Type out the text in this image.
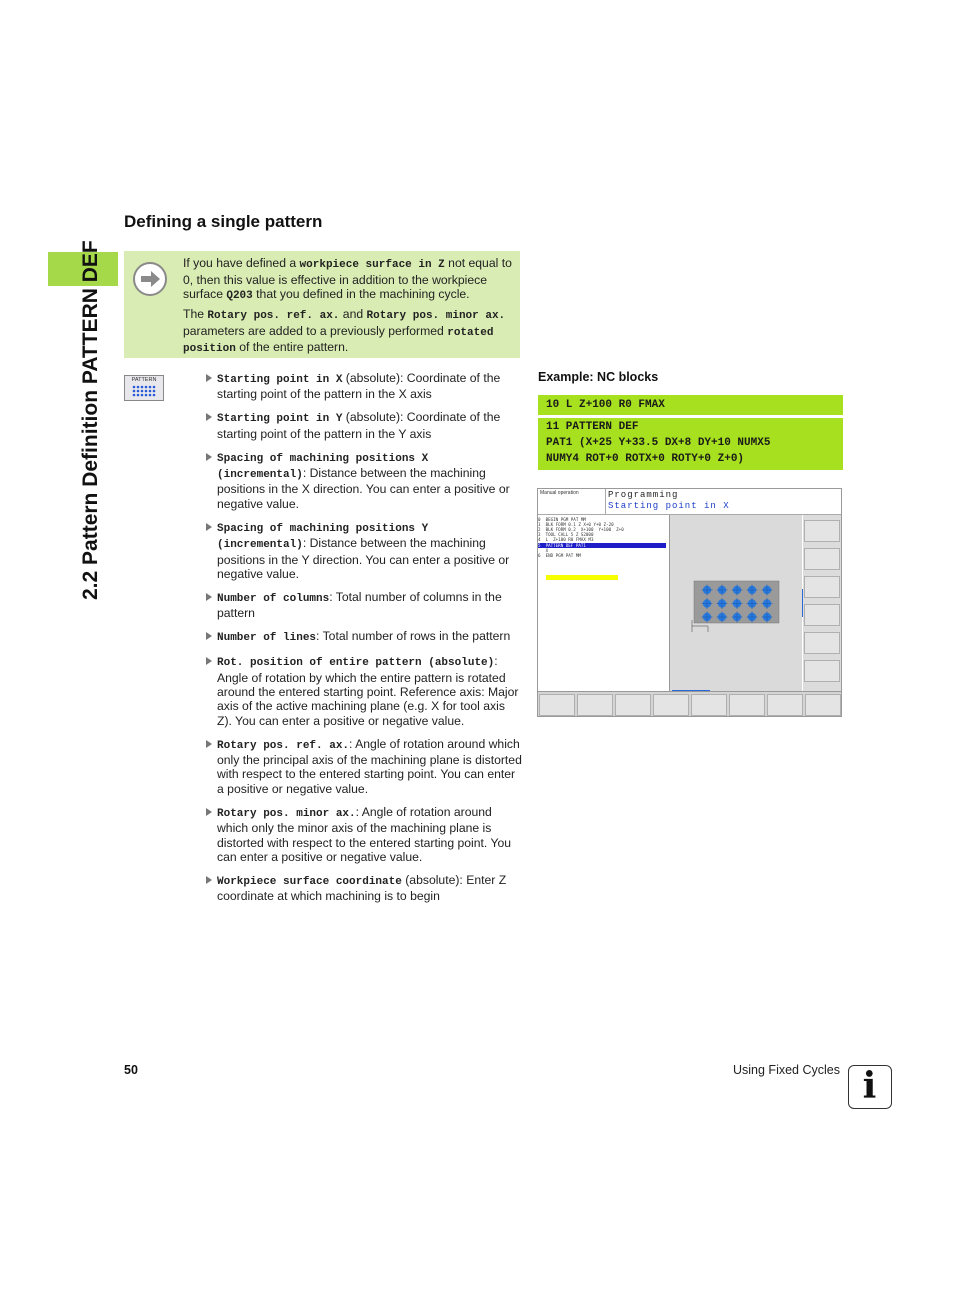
2.2 Pattern Definition PATTERN DEF
Defining a single pattern
If you have defined a workpiece surface in Z not equal to 0, then this value is effective in addition to the workpiece surface Q203 that you defined in the machining cycle.
The Rotary pos. ref. ax. and Rotary pos. minor ax. parameters are added to a previously performed rotated position of the entire pattern.
PATTERN	Starting point in X (absolute): Coordinate of the starting point of the pattern in the X axis
Starting point in Y (absolute): Coordinate of the starting point of the pattern in the Y axis
Spacing of machining positions X (incremental): Distance between the machining positions in the X direction. You can enter a positive or negative value.
Spacing of machining positions Y (incremental): Distance between the machining positions in the Y direction. You can enter a positive or negative value.
Number of columns: Total number of columns in the pattern
Number of lines: Total number of rows in the pattern
Rot. position of entire pattern (absolute): Angle of rotation by which the entire pattern is rotated around the entered starting point. Reference axis: Major axis of the active machining plane (e.g. X for tool axis Z). You can enter a positive or negative value.
Rotary pos. ref. ax.: Angle of rotation around which only the principal axis of the machining plane is distorted with respect to the entered starting point. You can enter a positive or negative value.
Rotary pos. minor ax.: Angle of rotation around which only the minor axis of the machining plane is distorted with respect to the entered starting point. You can enter a positive or negative value.
Workpiece surface coordinate (absolute): Enter Z coordinate at which machining is to begin
Example: NC blocks
10 L Z+100 R0 FMAX
11 PATTERN DEF
PAT1 (X+25 Y+33.5 DX+8 DY+10 NUMX5
NUMY4 ROT+0 ROTX+0 ROTY+0 Z+0)
Manual operation	Programming
Starting point in X
0  BEGIN PGM PAT MM
1  BLK FORM 0.1 Z X+0 Y+0 Z-20
2  BLK FORM 0.2  X+100  Y+100  Z+0
3  TOOL CALL 5 Z S2000
4  L  Z+100 R0 FMAX M3
5  PATTERN DEF PAT1
X
6  END PGM PAT MM
50	Using Fixed Cycles i
